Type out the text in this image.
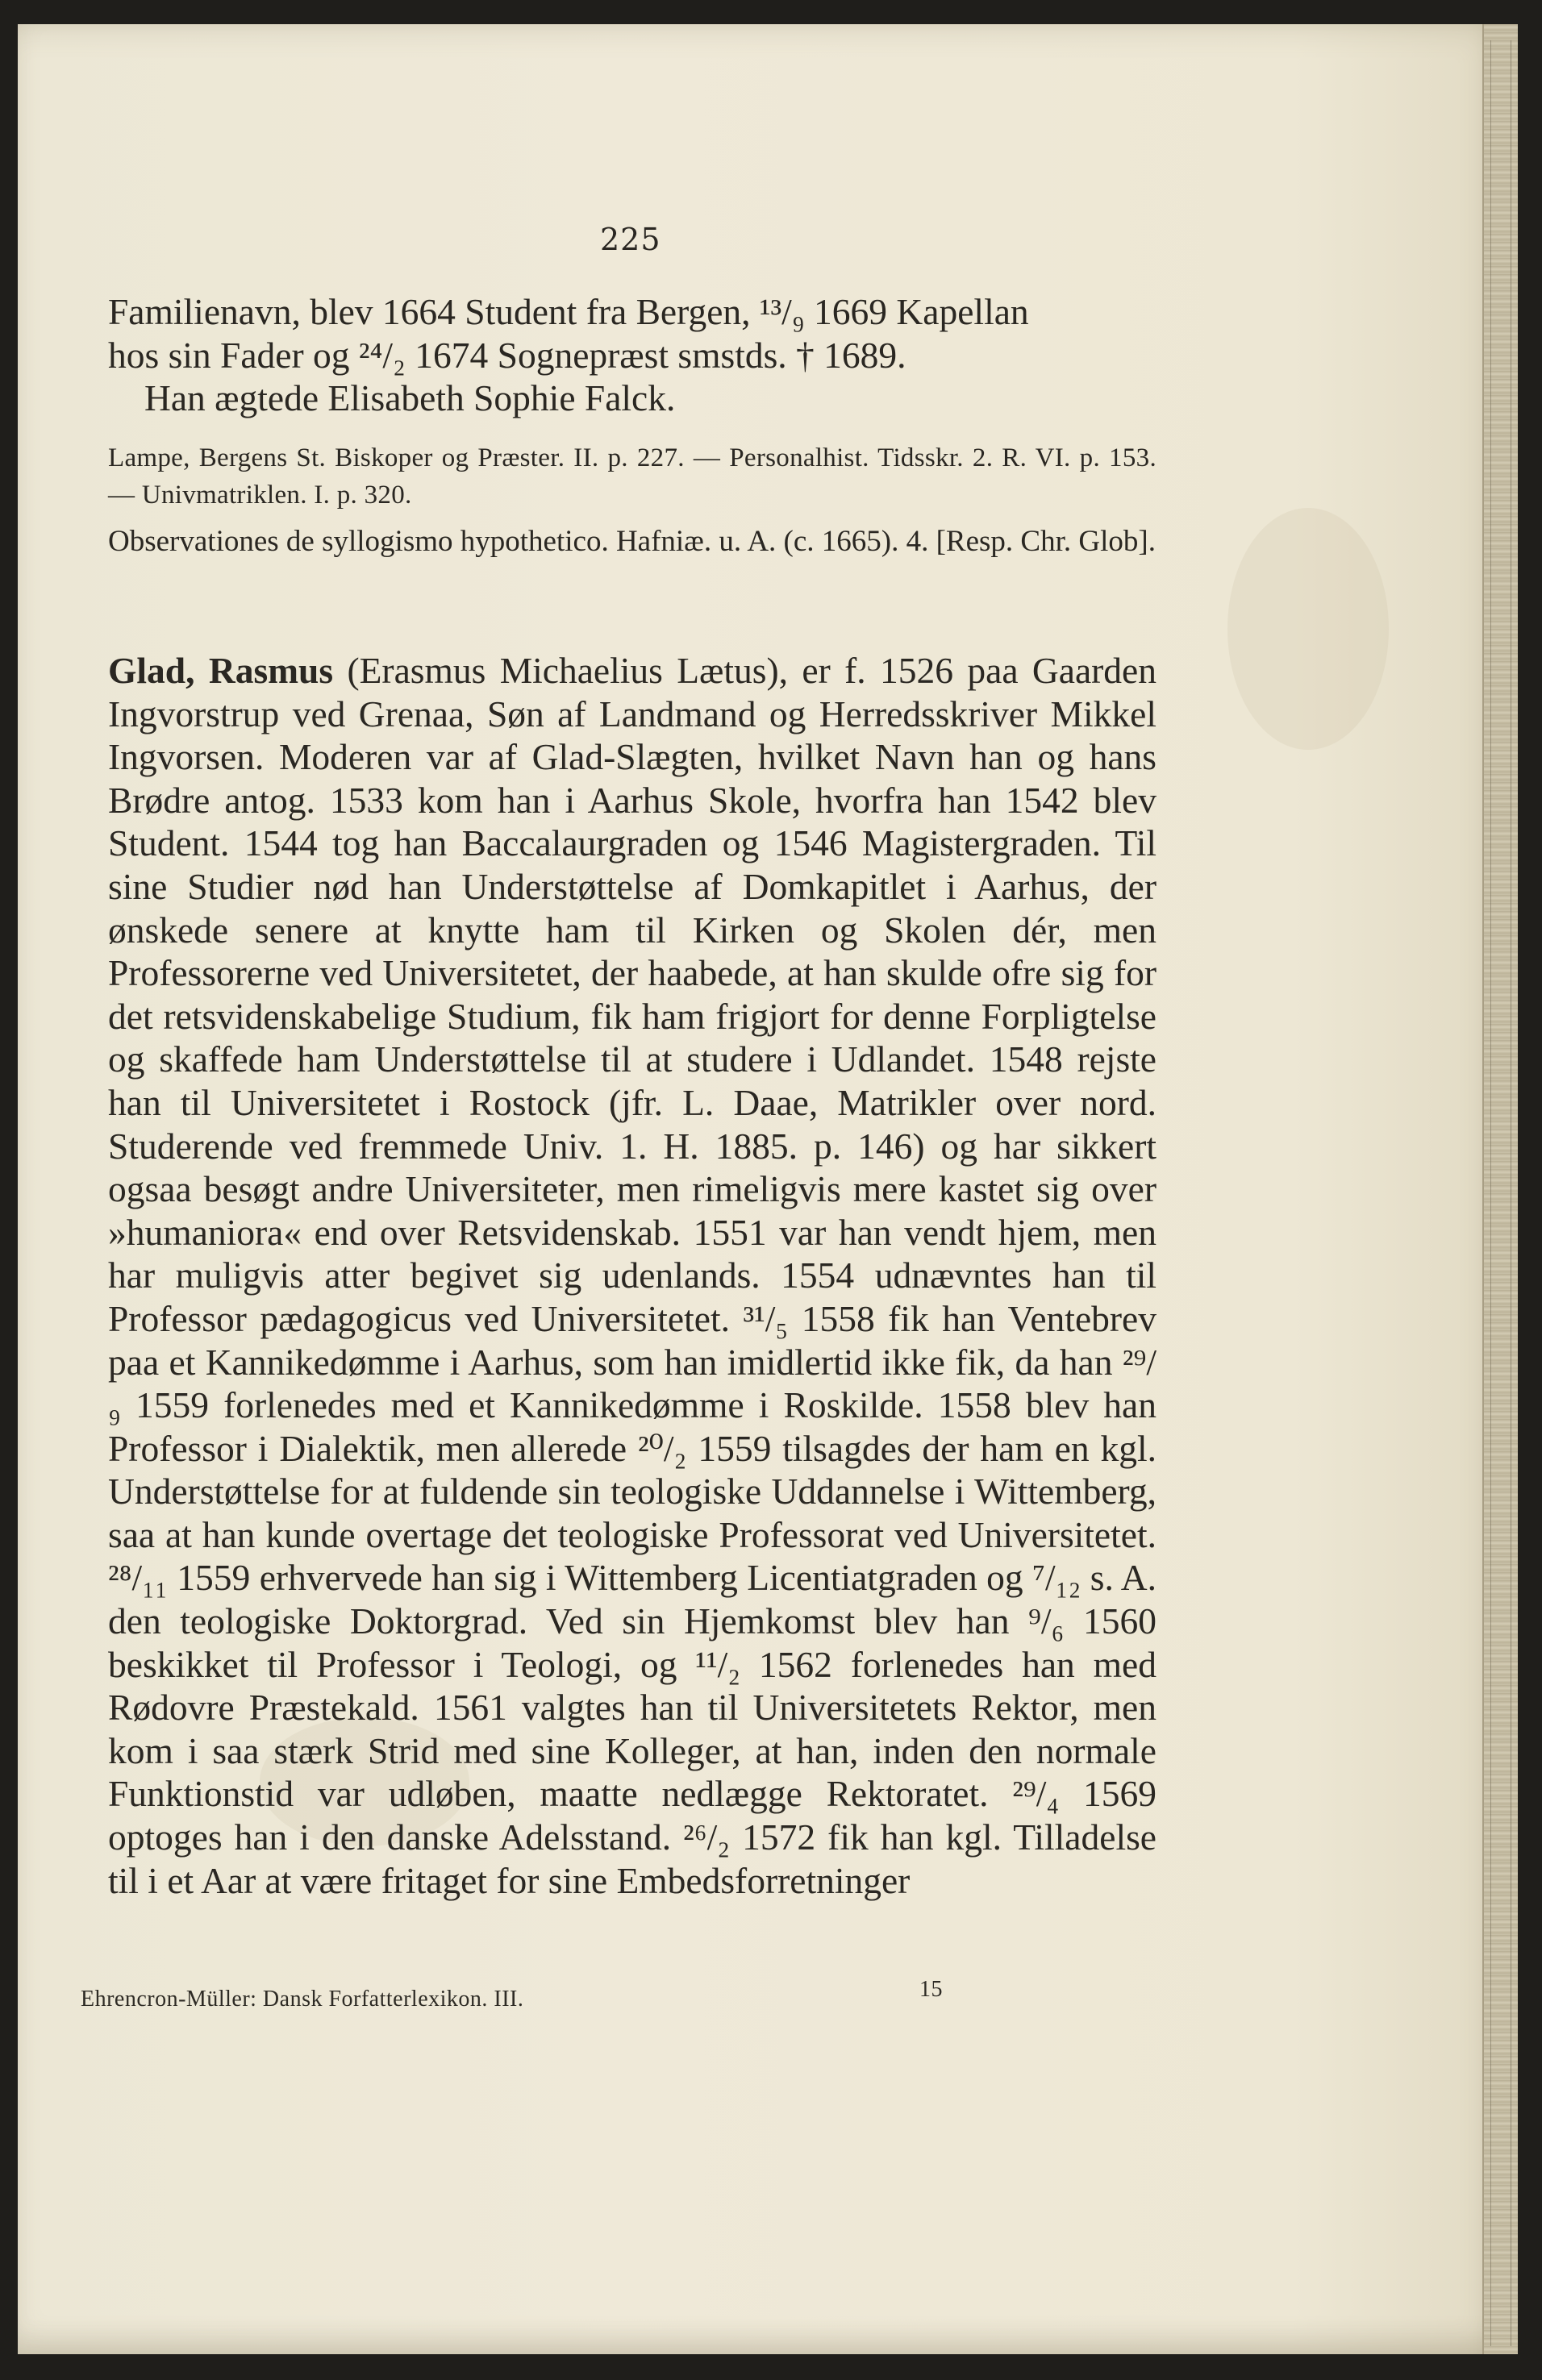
225

Familienavn, blev 1664 Student fra Bergen, ¹³/₉ 1669 Kapellan

hos sin Fader og ²⁴/₂ 1674 Sognepræst smstds. † 1689.

Han ægtede Elisabeth Sophie Falck.

Lampe, Bergens St. Biskoper og Præster. II. p. 227. — Personalhist. Tidsskr. 2. R. VI. p. 153. — Univmatriklen. I. p. 320.

Observationes de syllogismo hypothetico. Hafniæ. u. A. (c. 1665). 4. [Resp. Chr. Glob].

Glad, Rasmus (Erasmus Michaelius Lætus), er f. 1526 paa Gaarden Ingvorstrup ved Grenaa, Søn af Landmand og Herredsskriver Mikkel Ingvorsen. Moderen var af Glad-Slægten, hvilket Navn han og hans Brødre antog. 1533 kom han i Aarhus Skole, hvorfra han 1542 blev Student. 1544 tog han Baccalaurgraden og 1546 Magistergraden. Til sine Studier nød han Understøttelse af Domkapitlet i Aarhus, der ønskede senere at knytte ham til Kirken og Skolen dér, men Professorerne ved Universitetet, der haabede, at han skulde ofre sig for det retsvidenskabelige Studium, fik ham frigjort for denne Forpligtelse og skaffede ham Understøttelse til at studere i Udlandet. 1548 rejste han til Universitetet i Rostock (jfr. L. Daae, Matrikler over nord. Studerende ved fremmede Univ. 1. H. 1885. p. 146) og har sikkert ogsaa besøgt andre Universiteter, men rimeligvis mere kastet sig over »humaniora« end over Retsvidenskab. 1551 var han vendt hjem, men har muligvis atter begivet sig udenlands. 1554 udnævntes han til Professor pædagogicus ved Universitetet. ³¹/₅ 1558 fik han Ventebrev paa et Kannikedømme i Aarhus, som han imidlertid ikke fik, da han ²⁹/₉ 1559 forlenedes med et Kannikedømme i Roskilde. 1558 blev han Professor i Dialektik, men allerede ²⁰/₂ 1559 tilsagdes der ham en kgl. Understøttelse for at fuldende sin teologiske Uddannelse i Wittemberg, saa at han kunde overtage det teologiske Professorat ved Universitetet. ²⁸/₁₁ 1559 erhvervede han sig i Wittemberg Licentiatgraden og ⁷/₁₂ s. A. den teologiske Doktorgrad. Ved sin Hjemkomst blev han ⁹/₆ 1560 beskikket til Professor i Teologi, og ¹¹/₂ 1562 forlenedes han med Rødovre Præstekald. 1561 valgtes han til Universitetets Rektor, men kom i saa stærk Strid med sine Kolleger, at han, inden den normale Funktionstid var udløben, maatte nedlægge Rektoratet. ²⁹/₄ 1569 optoges han i den danske Adelsstand. ²⁶/₂ 1572 fik han kgl. Tilladelse til i et Aar at være fritaget for sine Embedsforretninger

Ehrencron-Müller: Dansk Forfatterlexikon. III.	15
